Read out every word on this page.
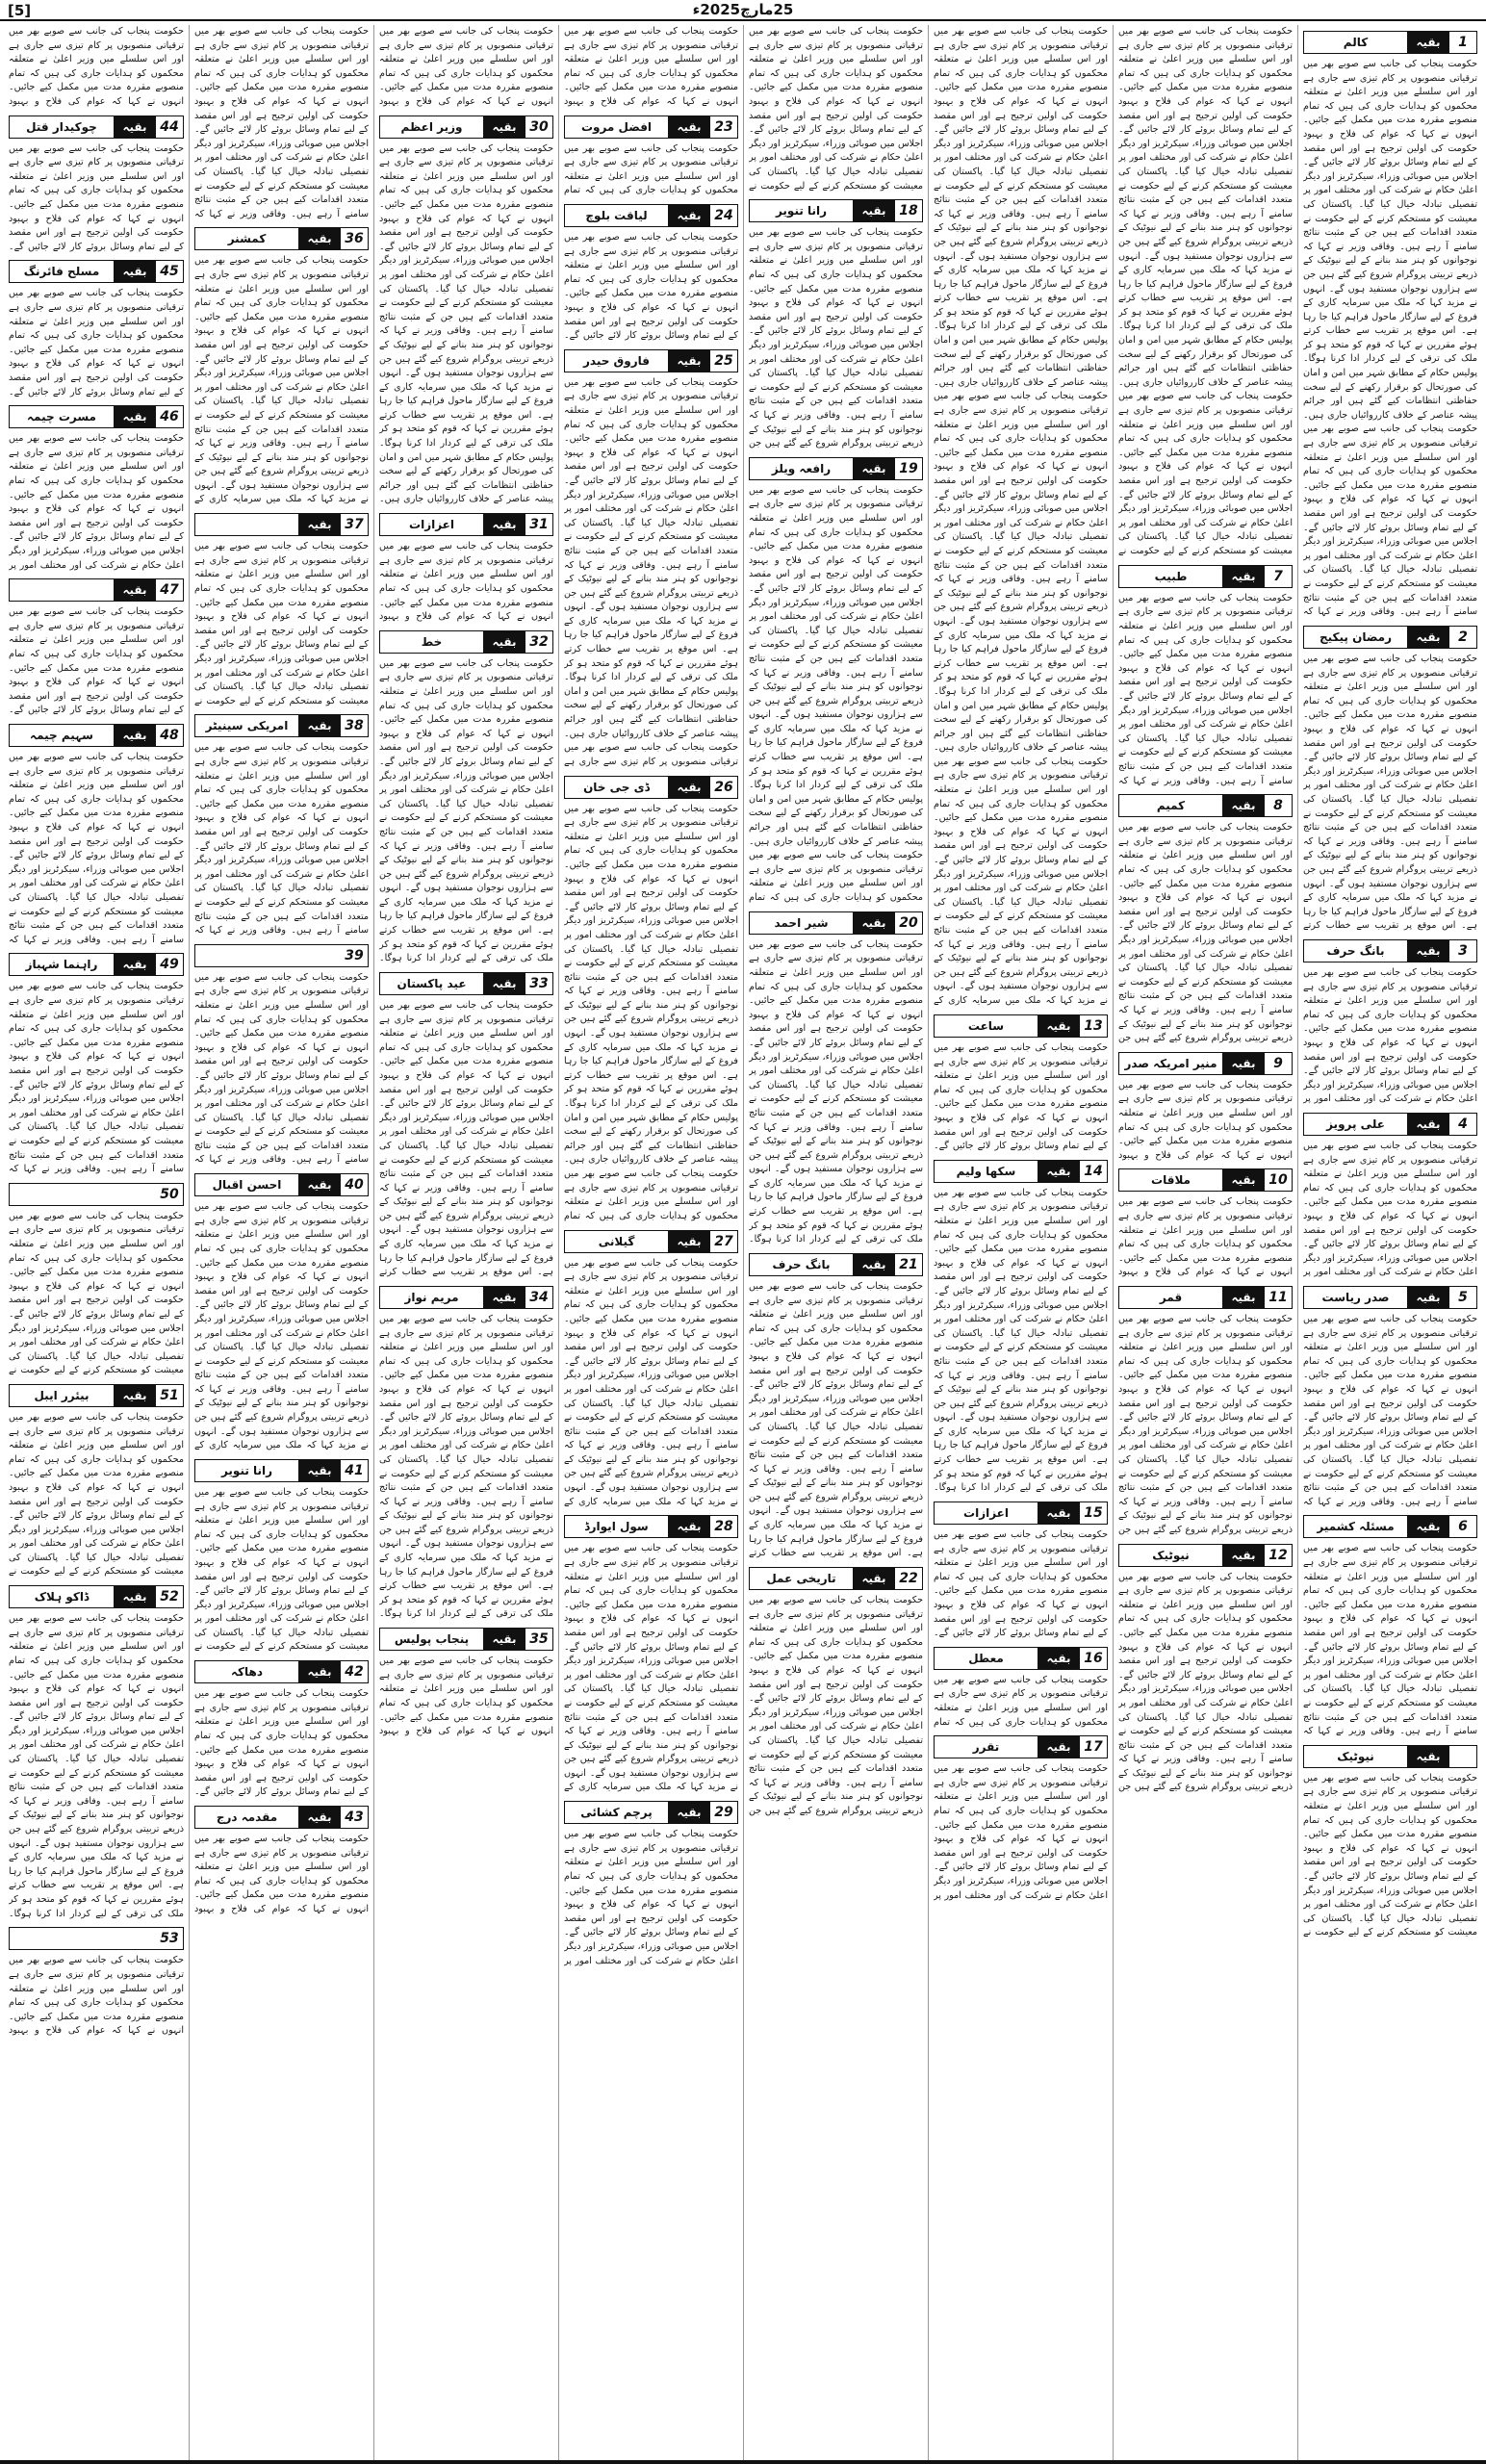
[5]	25مارچ2025ء
1
بقیہ
کالم
حکومت پنجاب کی جانب سے صوبے بھر میں ترقیاتی منصوبوں پر کام تیزی سے جاری ہے اور اس سلسلے میں وزیر اعلیٰ نے متعلقہ محکموں کو ہدایات جاری کی ہیں کہ تمام منصوبے مقررہ مدت میں مکمل کیے جائیں۔ انہوں نے کہا کہ عوام کی فلاح و بہبود حکومت کی اولین ترجیح ہے اور اس مقصد کے لیے تمام وسائل بروئے کار لائے جائیں گے۔ اجلاس میں صوبائی وزراء، سیکرٹریز اور دیگر اعلیٰ حکام نے شرکت کی اور مختلف امور پر تفصیلی تبادلہ خیال کیا گیا۔ پاکستان کی معیشت کو مستحکم کرنے کے لیے حکومت نے متعدد اقدامات کیے ہیں جن کے مثبت نتائج سامنے آ رہے ہیں۔ وفاقی وزیر نے کہا کہ نوجوانوں کو ہنر مند بنانے کے لیے نیوٹیک کے ذریعے تربیتی پروگرام شروع کیے گئے ہیں جن سے ہزاروں نوجوان مستفید ہوں گے۔ انہوں نے مزید کہا کہ ملک میں سرمایہ کاری کے فروغ کے لیے سازگار ماحول فراہم کیا جا رہا ہے۔ اس موقع پر تقریب سے خطاب کرتے ہوئے مقررین نے کہا کہ قوم کو متحد ہو کر ملک کی ترقی کے لیے کردار ادا کرنا ہوگا۔ پولیس حکام کے مطابق شہر میں امن و امان کی صورتحال کو برقرار رکھنے کے لیے سخت حفاظتی انتظامات کیے گئے ہیں اور جرائم پیشہ عناصر کے خلاف کارروائیاں جاری ہیں۔ حکومت پنجاب کی جانب سے صوبے بھر میں ترقیاتی منصوبوں پر کام تیزی سے جاری ہے اور اس سلسلے میں وزیر اعلیٰ نے متعلقہ محکموں کو ہدایات جاری کی ہیں کہ تمام منصوبے مقررہ مدت میں مکمل کیے جائیں۔ انہوں نے کہا کہ عوام کی فلاح و بہبود حکومت کی اولین ترجیح ہے اور اس مقصد کے لیے تمام وسائل بروئے کار لائے جائیں گے۔ اجلاس میں صوبائی وزراء، سیکرٹریز اور دیگر اعلیٰ حکام نے شرکت کی اور مختلف امور پر تفصیلی تبادلہ خیال کیا گیا۔ پاکستان کی معیشت کو مستحکم کرنے کے لیے حکومت نے متعدد اقدامات کیے ہیں جن کے مثبت نتائج سامنے آ رہے ہیں۔ وفاقی وزیر نے کہا کہ
2
بقیہ
رمضان پیکیج
حکومت پنجاب کی جانب سے صوبے بھر میں ترقیاتی منصوبوں پر کام تیزی سے جاری ہے اور اس سلسلے میں وزیر اعلیٰ نے متعلقہ محکموں کو ہدایات جاری کی ہیں کہ تمام منصوبے مقررہ مدت میں مکمل کیے جائیں۔ انہوں نے کہا کہ عوام کی فلاح و بہبود حکومت کی اولین ترجیح ہے اور اس مقصد کے لیے تمام وسائل بروئے کار لائے جائیں گے۔ اجلاس میں صوبائی وزراء، سیکرٹریز اور دیگر اعلیٰ حکام نے شرکت کی اور مختلف امور پر تفصیلی تبادلہ خیال کیا گیا۔ پاکستان کی معیشت کو مستحکم کرنے کے لیے حکومت نے متعدد اقدامات کیے ہیں جن کے مثبت نتائج سامنے آ رہے ہیں۔ وفاقی وزیر نے کہا کہ نوجوانوں کو ہنر مند بنانے کے لیے نیوٹیک کے ذریعے تربیتی پروگرام شروع کیے گئے ہیں جن سے ہزاروں نوجوان مستفید ہوں گے۔ انہوں نے مزید کہا کہ ملک میں سرمایہ کاری کے فروغ کے لیے سازگار ماحول فراہم کیا جا رہا ہے۔ اس موقع پر تقریب سے خطاب کرتے
3
بقیہ
بانگ حرف
حکومت پنجاب کی جانب سے صوبے بھر میں ترقیاتی منصوبوں پر کام تیزی سے جاری ہے اور اس سلسلے میں وزیر اعلیٰ نے متعلقہ محکموں کو ہدایات جاری کی ہیں کہ تمام منصوبے مقررہ مدت میں مکمل کیے جائیں۔ انہوں نے کہا کہ عوام کی فلاح و بہبود حکومت کی اولین ترجیح ہے اور اس مقصد کے لیے تمام وسائل بروئے کار لائے جائیں گے۔ اجلاس میں صوبائی وزراء، سیکرٹریز اور دیگر اعلیٰ حکام نے شرکت کی اور مختلف امور پر
4
بقیہ
علی پرویز
حکومت پنجاب کی جانب سے صوبے بھر میں ترقیاتی منصوبوں پر کام تیزی سے جاری ہے اور اس سلسلے میں وزیر اعلیٰ نے متعلقہ محکموں کو ہدایات جاری کی ہیں کہ تمام منصوبے مقررہ مدت میں مکمل کیے جائیں۔ انہوں نے کہا کہ عوام کی فلاح و بہبود حکومت کی اولین ترجیح ہے اور اس مقصد کے لیے تمام وسائل بروئے کار لائے جائیں گے۔ اجلاس میں صوبائی وزراء، سیکرٹریز اور دیگر اعلیٰ حکام نے شرکت کی اور مختلف امور پر
5
بقیہ
صدر ریاست
حکومت پنجاب کی جانب سے صوبے بھر میں ترقیاتی منصوبوں پر کام تیزی سے جاری ہے اور اس سلسلے میں وزیر اعلیٰ نے متعلقہ محکموں کو ہدایات جاری کی ہیں کہ تمام منصوبے مقررہ مدت میں مکمل کیے جائیں۔ انہوں نے کہا کہ عوام کی فلاح و بہبود حکومت کی اولین ترجیح ہے اور اس مقصد کے لیے تمام وسائل بروئے کار لائے جائیں گے۔ اجلاس میں صوبائی وزراء، سیکرٹریز اور دیگر اعلیٰ حکام نے شرکت کی اور مختلف امور پر تفصیلی تبادلہ خیال کیا گیا۔ پاکستان کی معیشت کو مستحکم کرنے کے لیے حکومت نے متعدد اقدامات کیے ہیں جن کے مثبت نتائج سامنے آ رہے ہیں۔ وفاقی وزیر نے کہا کہ
6
بقیہ
مسئلہ کشمیر
حکومت پنجاب کی جانب سے صوبے بھر میں ترقیاتی منصوبوں پر کام تیزی سے جاری ہے اور اس سلسلے میں وزیر اعلیٰ نے متعلقہ محکموں کو ہدایات جاری کی ہیں کہ تمام منصوبے مقررہ مدت میں مکمل کیے جائیں۔ انہوں نے کہا کہ عوام کی فلاح و بہبود حکومت کی اولین ترجیح ہے اور اس مقصد کے لیے تمام وسائل بروئے کار لائے جائیں گے۔ اجلاس میں صوبائی وزراء، سیکرٹریز اور دیگر اعلیٰ حکام نے شرکت کی اور مختلف امور پر تفصیلی تبادلہ خیال کیا گیا۔ پاکستان کی معیشت کو مستحکم کرنے کے لیے حکومت نے متعدد اقدامات کیے ہیں جن کے مثبت نتائج سامنے آ رہے ہیں۔ وفاقی وزیر نے کہا کہ
بقیہ
نیوٹیک
حکومت پنجاب کی جانب سے صوبے بھر میں ترقیاتی منصوبوں پر کام تیزی سے جاری ہے اور اس سلسلے میں وزیر اعلیٰ نے متعلقہ محکموں کو ہدایات جاری کی ہیں کہ تمام منصوبے مقررہ مدت میں مکمل کیے جائیں۔ انہوں نے کہا کہ عوام کی فلاح و بہبود حکومت کی اولین ترجیح ہے اور اس مقصد کے لیے تمام وسائل بروئے کار لائے جائیں گے۔ اجلاس میں صوبائی وزراء، سیکرٹریز اور دیگر اعلیٰ حکام نے شرکت کی اور مختلف امور پر تفصیلی تبادلہ خیال کیا گیا۔ پاکستان کی معیشت کو مستحکم کرنے کے لیے حکومت نے
حکومت پنجاب کی جانب سے صوبے بھر میں ترقیاتی منصوبوں پر کام تیزی سے جاری ہے اور اس سلسلے میں وزیر اعلیٰ نے متعلقہ محکموں کو ہدایات جاری کی ہیں کہ تمام منصوبے مقررہ مدت میں مکمل کیے جائیں۔ انہوں نے کہا کہ عوام کی فلاح و بہبود حکومت کی اولین ترجیح ہے اور اس مقصد کے لیے تمام وسائل بروئے کار لائے جائیں گے۔ اجلاس میں صوبائی وزراء، سیکرٹریز اور دیگر اعلیٰ حکام نے شرکت کی اور مختلف امور پر تفصیلی تبادلہ خیال کیا گیا۔ پاکستان کی معیشت کو مستحکم کرنے کے لیے حکومت نے متعدد اقدامات کیے ہیں جن کے مثبت نتائج سامنے آ رہے ہیں۔ وفاقی وزیر نے کہا کہ نوجوانوں کو ہنر مند بنانے کے لیے نیوٹیک کے ذریعے تربیتی پروگرام شروع کیے گئے ہیں جن سے ہزاروں نوجوان مستفید ہوں گے۔ انہوں نے مزید کہا کہ ملک میں سرمایہ کاری کے فروغ کے لیے سازگار ماحول فراہم کیا جا رہا ہے۔ اس موقع پر تقریب سے خطاب کرتے ہوئے مقررین نے کہا کہ قوم کو متحد ہو کر ملک کی ترقی کے لیے کردار ادا کرنا ہوگا۔ پولیس حکام کے مطابق شہر میں امن و امان کی صورتحال کو برقرار رکھنے کے لیے سخت حفاظتی انتظامات کیے گئے ہیں اور جرائم پیشہ عناصر کے خلاف کارروائیاں جاری ہیں۔ حکومت پنجاب کی جانب سے صوبے بھر میں ترقیاتی منصوبوں پر کام تیزی سے جاری ہے اور اس سلسلے میں وزیر اعلیٰ نے متعلقہ محکموں کو ہدایات جاری کی ہیں کہ تمام منصوبے مقررہ مدت میں مکمل کیے جائیں۔ انہوں نے کہا کہ عوام کی فلاح و بہبود حکومت کی اولین ترجیح ہے اور اس مقصد کے لیے تمام وسائل بروئے کار لائے جائیں گے۔ اجلاس میں صوبائی وزراء، سیکرٹریز اور دیگر اعلیٰ حکام نے شرکت کی اور مختلف امور پر تفصیلی تبادلہ خیال کیا گیا۔ پاکستان کی معیشت کو مستحکم کرنے کے لیے حکومت نے
7
بقیہ
طبیب
حکومت پنجاب کی جانب سے صوبے بھر میں ترقیاتی منصوبوں پر کام تیزی سے جاری ہے اور اس سلسلے میں وزیر اعلیٰ نے متعلقہ محکموں کو ہدایات جاری کی ہیں کہ تمام منصوبے مقررہ مدت میں مکمل کیے جائیں۔ انہوں نے کہا کہ عوام کی فلاح و بہبود حکومت کی اولین ترجیح ہے اور اس مقصد کے لیے تمام وسائل بروئے کار لائے جائیں گے۔ اجلاس میں صوبائی وزراء، سیکرٹریز اور دیگر اعلیٰ حکام نے شرکت کی اور مختلف امور پر تفصیلی تبادلہ خیال کیا گیا۔ پاکستان کی معیشت کو مستحکم کرنے کے لیے حکومت نے متعدد اقدامات کیے ہیں جن کے مثبت نتائج سامنے آ رہے ہیں۔ وفاقی وزیر نے کہا کہ
8
بقیہ
کمیم
حکومت پنجاب کی جانب سے صوبے بھر میں ترقیاتی منصوبوں پر کام تیزی سے جاری ہے اور اس سلسلے میں وزیر اعلیٰ نے متعلقہ محکموں کو ہدایات جاری کی ہیں کہ تمام منصوبے مقررہ مدت میں مکمل کیے جائیں۔ انہوں نے کہا کہ عوام کی فلاح و بہبود حکومت کی اولین ترجیح ہے اور اس مقصد کے لیے تمام وسائل بروئے کار لائے جائیں گے۔ اجلاس میں صوبائی وزراء، سیکرٹریز اور دیگر اعلیٰ حکام نے شرکت کی اور مختلف امور پر تفصیلی تبادلہ خیال کیا گیا۔ پاکستان کی معیشت کو مستحکم کرنے کے لیے حکومت نے متعدد اقدامات کیے ہیں جن کے مثبت نتائج سامنے آ رہے ہیں۔ وفاقی وزیر نے کہا کہ نوجوانوں کو ہنر مند بنانے کے لیے نیوٹیک کے ذریعے تربیتی پروگرام شروع کیے گئے ہیں جن
9
بقیہ
منیر امریکہ صدر
حکومت پنجاب کی جانب سے صوبے بھر میں ترقیاتی منصوبوں پر کام تیزی سے جاری ہے اور اس سلسلے میں وزیر اعلیٰ نے متعلقہ محکموں کو ہدایات جاری کی ہیں کہ تمام منصوبے مقررہ مدت میں مکمل کیے جائیں۔ انہوں نے کہا کہ عوام کی فلاح و بہبود
10
بقیہ
ملاقات
حکومت پنجاب کی جانب سے صوبے بھر میں ترقیاتی منصوبوں پر کام تیزی سے جاری ہے اور اس سلسلے میں وزیر اعلیٰ نے متعلقہ محکموں کو ہدایات جاری کی ہیں کہ تمام منصوبے مقررہ مدت میں مکمل کیے جائیں۔ انہوں نے کہا کہ عوام کی فلاح و بہبود
11
بقیہ
قمر
حکومت پنجاب کی جانب سے صوبے بھر میں ترقیاتی منصوبوں پر کام تیزی سے جاری ہے اور اس سلسلے میں وزیر اعلیٰ نے متعلقہ محکموں کو ہدایات جاری کی ہیں کہ تمام منصوبے مقررہ مدت میں مکمل کیے جائیں۔ انہوں نے کہا کہ عوام کی فلاح و بہبود حکومت کی اولین ترجیح ہے اور اس مقصد کے لیے تمام وسائل بروئے کار لائے جائیں گے۔ اجلاس میں صوبائی وزراء، سیکرٹریز اور دیگر اعلیٰ حکام نے شرکت کی اور مختلف امور پر تفصیلی تبادلہ خیال کیا گیا۔ پاکستان کی معیشت کو مستحکم کرنے کے لیے حکومت نے متعدد اقدامات کیے ہیں جن کے مثبت نتائج سامنے آ رہے ہیں۔ وفاقی وزیر نے کہا کہ نوجوانوں کو ہنر مند بنانے کے لیے نیوٹیک کے ذریعے تربیتی پروگرام شروع کیے گئے ہیں جن
12
بقیہ
نیوٹیک
حکومت پنجاب کی جانب سے صوبے بھر میں ترقیاتی منصوبوں پر کام تیزی سے جاری ہے اور اس سلسلے میں وزیر اعلیٰ نے متعلقہ محکموں کو ہدایات جاری کی ہیں کہ تمام منصوبے مقررہ مدت میں مکمل کیے جائیں۔ انہوں نے کہا کہ عوام کی فلاح و بہبود حکومت کی اولین ترجیح ہے اور اس مقصد کے لیے تمام وسائل بروئے کار لائے جائیں گے۔ اجلاس میں صوبائی وزراء، سیکرٹریز اور دیگر اعلیٰ حکام نے شرکت کی اور مختلف امور پر تفصیلی تبادلہ خیال کیا گیا۔ پاکستان کی معیشت کو مستحکم کرنے کے لیے حکومت نے متعدد اقدامات کیے ہیں جن کے مثبت نتائج سامنے آ رہے ہیں۔ وفاقی وزیر نے کہا کہ نوجوانوں کو ہنر مند بنانے کے لیے نیوٹیک کے ذریعے تربیتی پروگرام شروع کیے گئے ہیں جن
حکومت پنجاب کی جانب سے صوبے بھر میں ترقیاتی منصوبوں پر کام تیزی سے جاری ہے اور اس سلسلے میں وزیر اعلیٰ نے متعلقہ محکموں کو ہدایات جاری کی ہیں کہ تمام منصوبے مقررہ مدت میں مکمل کیے جائیں۔ انہوں نے کہا کہ عوام کی فلاح و بہبود حکومت کی اولین ترجیح ہے اور اس مقصد کے لیے تمام وسائل بروئے کار لائے جائیں گے۔ اجلاس میں صوبائی وزراء، سیکرٹریز اور دیگر اعلیٰ حکام نے شرکت کی اور مختلف امور پر تفصیلی تبادلہ خیال کیا گیا۔ پاکستان کی معیشت کو مستحکم کرنے کے لیے حکومت نے متعدد اقدامات کیے ہیں جن کے مثبت نتائج سامنے آ رہے ہیں۔ وفاقی وزیر نے کہا کہ نوجوانوں کو ہنر مند بنانے کے لیے نیوٹیک کے ذریعے تربیتی پروگرام شروع کیے گئے ہیں جن سے ہزاروں نوجوان مستفید ہوں گے۔ انہوں نے مزید کہا کہ ملک میں سرمایہ کاری کے فروغ کے لیے سازگار ماحول فراہم کیا جا رہا ہے۔ اس موقع پر تقریب سے خطاب کرتے ہوئے مقررین نے کہا کہ قوم کو متحد ہو کر ملک کی ترقی کے لیے کردار ادا کرنا ہوگا۔ پولیس حکام کے مطابق شہر میں امن و امان کی صورتحال کو برقرار رکھنے کے لیے سخت حفاظتی انتظامات کیے گئے ہیں اور جرائم پیشہ عناصر کے خلاف کارروائیاں جاری ہیں۔ حکومت پنجاب کی جانب سے صوبے بھر میں ترقیاتی منصوبوں پر کام تیزی سے جاری ہے اور اس سلسلے میں وزیر اعلیٰ نے متعلقہ محکموں کو ہدایات جاری کی ہیں کہ تمام منصوبے مقررہ مدت میں مکمل کیے جائیں۔ انہوں نے کہا کہ عوام کی فلاح و بہبود حکومت کی اولین ترجیح ہے اور اس مقصد کے لیے تمام وسائل بروئے کار لائے جائیں گے۔ اجلاس میں صوبائی وزراء، سیکرٹریز اور دیگر اعلیٰ حکام نے شرکت کی اور مختلف امور پر تفصیلی تبادلہ خیال کیا گیا۔ پاکستان کی معیشت کو مستحکم کرنے کے لیے حکومت نے متعدد اقدامات کیے ہیں جن کے مثبت نتائج سامنے آ رہے ہیں۔ وفاقی وزیر نے کہا کہ نوجوانوں کو ہنر مند بنانے کے لیے نیوٹیک کے ذریعے تربیتی پروگرام شروع کیے گئے ہیں جن سے ہزاروں نوجوان مستفید ہوں گے۔ انہوں نے مزید کہا کہ ملک میں سرمایہ کاری کے فروغ کے لیے سازگار ماحول فراہم کیا جا رہا ہے۔ اس موقع پر تقریب سے خطاب کرتے ہوئے مقررین نے کہا کہ قوم کو متحد ہو کر ملک کی ترقی کے لیے کردار ادا کرنا ہوگا۔ پولیس حکام کے مطابق شہر میں امن و امان کی صورتحال کو برقرار رکھنے کے لیے سخت حفاظتی انتظامات کیے گئے ہیں اور جرائم پیشہ عناصر کے خلاف کارروائیاں جاری ہیں۔ حکومت پنجاب کی جانب سے صوبے بھر میں ترقیاتی منصوبوں پر کام تیزی سے جاری ہے اور اس سلسلے میں وزیر اعلیٰ نے متعلقہ محکموں کو ہدایات جاری کی ہیں کہ تمام منصوبے مقررہ مدت میں مکمل کیے جائیں۔ انہوں نے کہا کہ عوام کی فلاح و بہبود حکومت کی اولین ترجیح ہے اور اس مقصد کے لیے تمام وسائل بروئے کار لائے جائیں گے۔ اجلاس میں صوبائی وزراء، سیکرٹریز اور دیگر اعلیٰ حکام نے شرکت کی اور مختلف امور پر تفصیلی تبادلہ خیال کیا گیا۔ پاکستان کی معیشت کو مستحکم کرنے کے لیے حکومت نے متعدد اقدامات کیے ہیں جن کے مثبت نتائج سامنے آ رہے ہیں۔ وفاقی وزیر نے کہا کہ نوجوانوں کو ہنر مند بنانے کے لیے نیوٹیک کے ذریعے تربیتی پروگرام شروع کیے گئے ہیں جن سے ہزاروں نوجوان مستفید ہوں گے۔ انہوں نے مزید کہا کہ ملک میں سرمایہ کاری کے
13
بقیہ
ساعت
حکومت پنجاب کی جانب سے صوبے بھر میں ترقیاتی منصوبوں پر کام تیزی سے جاری ہے اور اس سلسلے میں وزیر اعلیٰ نے متعلقہ محکموں کو ہدایات جاری کی ہیں کہ تمام منصوبے مقررہ مدت میں مکمل کیے جائیں۔ انہوں نے کہا کہ عوام کی فلاح و بہبود حکومت کی اولین ترجیح ہے اور اس مقصد کے لیے تمام وسائل بروئے کار لائے جائیں گے۔
14
بقیہ
سکھا ولیم
حکومت پنجاب کی جانب سے صوبے بھر میں ترقیاتی منصوبوں پر کام تیزی سے جاری ہے اور اس سلسلے میں وزیر اعلیٰ نے متعلقہ محکموں کو ہدایات جاری کی ہیں کہ تمام منصوبے مقررہ مدت میں مکمل کیے جائیں۔ انہوں نے کہا کہ عوام کی فلاح و بہبود حکومت کی اولین ترجیح ہے اور اس مقصد کے لیے تمام وسائل بروئے کار لائے جائیں گے۔ اجلاس میں صوبائی وزراء، سیکرٹریز اور دیگر اعلیٰ حکام نے شرکت کی اور مختلف امور پر تفصیلی تبادلہ خیال کیا گیا۔ پاکستان کی معیشت کو مستحکم کرنے کے لیے حکومت نے متعدد اقدامات کیے ہیں جن کے مثبت نتائج سامنے آ رہے ہیں۔ وفاقی وزیر نے کہا کہ نوجوانوں کو ہنر مند بنانے کے لیے نیوٹیک کے ذریعے تربیتی پروگرام شروع کیے گئے ہیں جن سے ہزاروں نوجوان مستفید ہوں گے۔ انہوں نے مزید کہا کہ ملک میں سرمایہ کاری کے فروغ کے لیے سازگار ماحول فراہم کیا جا رہا ہے۔ اس موقع پر تقریب سے خطاب کرتے ہوئے مقررین نے کہا کہ قوم کو متحد ہو کر ملک کی ترقی کے لیے کردار ادا کرنا ہوگا۔
15
بقیہ
اعزازات
حکومت پنجاب کی جانب سے صوبے بھر میں ترقیاتی منصوبوں پر کام تیزی سے جاری ہے اور اس سلسلے میں وزیر اعلیٰ نے متعلقہ محکموں کو ہدایات جاری کی ہیں کہ تمام منصوبے مقررہ مدت میں مکمل کیے جائیں۔ انہوں نے کہا کہ عوام کی فلاح و بہبود حکومت کی اولین ترجیح ہے اور اس مقصد کے لیے تمام وسائل بروئے کار لائے جائیں گے۔
16
بقیہ
معطل
حکومت پنجاب کی جانب سے صوبے بھر میں ترقیاتی منصوبوں پر کام تیزی سے جاری ہے اور اس سلسلے میں وزیر اعلیٰ نے متعلقہ محکموں کو ہدایات جاری کی ہیں کہ تمام
17
بقیہ
تقرر
حکومت پنجاب کی جانب سے صوبے بھر میں ترقیاتی منصوبوں پر کام تیزی سے جاری ہے اور اس سلسلے میں وزیر اعلیٰ نے متعلقہ محکموں کو ہدایات جاری کی ہیں کہ تمام منصوبے مقررہ مدت میں مکمل کیے جائیں۔ انہوں نے کہا کہ عوام کی فلاح و بہبود حکومت کی اولین ترجیح ہے اور اس مقصد کے لیے تمام وسائل بروئے کار لائے جائیں گے۔ اجلاس میں صوبائی وزراء، سیکرٹریز اور دیگر اعلیٰ حکام نے شرکت کی اور مختلف امور پر
حکومت پنجاب کی جانب سے صوبے بھر میں ترقیاتی منصوبوں پر کام تیزی سے جاری ہے اور اس سلسلے میں وزیر اعلیٰ نے متعلقہ محکموں کو ہدایات جاری کی ہیں کہ تمام منصوبے مقررہ مدت میں مکمل کیے جائیں۔ انہوں نے کہا کہ عوام کی فلاح و بہبود حکومت کی اولین ترجیح ہے اور اس مقصد کے لیے تمام وسائل بروئے کار لائے جائیں گے۔ اجلاس میں صوبائی وزراء، سیکرٹریز اور دیگر اعلیٰ حکام نے شرکت کی اور مختلف امور پر تفصیلی تبادلہ خیال کیا گیا۔ پاکستان کی معیشت کو مستحکم کرنے کے لیے حکومت نے
18
بقیہ
رانا تنویر
حکومت پنجاب کی جانب سے صوبے بھر میں ترقیاتی منصوبوں پر کام تیزی سے جاری ہے اور اس سلسلے میں وزیر اعلیٰ نے متعلقہ محکموں کو ہدایات جاری کی ہیں کہ تمام منصوبے مقررہ مدت میں مکمل کیے جائیں۔ انہوں نے کہا کہ عوام کی فلاح و بہبود حکومت کی اولین ترجیح ہے اور اس مقصد کے لیے تمام وسائل بروئے کار لائے جائیں گے۔ اجلاس میں صوبائی وزراء، سیکرٹریز اور دیگر اعلیٰ حکام نے شرکت کی اور مختلف امور پر تفصیلی تبادلہ خیال کیا گیا۔ پاکستان کی معیشت کو مستحکم کرنے کے لیے حکومت نے متعدد اقدامات کیے ہیں جن کے مثبت نتائج سامنے آ رہے ہیں۔ وفاقی وزیر نے کہا کہ نوجوانوں کو ہنر مند بنانے کے لیے نیوٹیک کے ذریعے تربیتی پروگرام شروع کیے گئے ہیں جن
19
بقیہ
رافعہ ویلز
حکومت پنجاب کی جانب سے صوبے بھر میں ترقیاتی منصوبوں پر کام تیزی سے جاری ہے اور اس سلسلے میں وزیر اعلیٰ نے متعلقہ محکموں کو ہدایات جاری کی ہیں کہ تمام منصوبے مقررہ مدت میں مکمل کیے جائیں۔ انہوں نے کہا کہ عوام کی فلاح و بہبود حکومت کی اولین ترجیح ہے اور اس مقصد کے لیے تمام وسائل بروئے کار لائے جائیں گے۔ اجلاس میں صوبائی وزراء، سیکرٹریز اور دیگر اعلیٰ حکام نے شرکت کی اور مختلف امور پر تفصیلی تبادلہ خیال کیا گیا۔ پاکستان کی معیشت کو مستحکم کرنے کے لیے حکومت نے متعدد اقدامات کیے ہیں جن کے مثبت نتائج سامنے آ رہے ہیں۔ وفاقی وزیر نے کہا کہ نوجوانوں کو ہنر مند بنانے کے لیے نیوٹیک کے ذریعے تربیتی پروگرام شروع کیے گئے ہیں جن سے ہزاروں نوجوان مستفید ہوں گے۔ انہوں نے مزید کہا کہ ملک میں سرمایہ کاری کے فروغ کے لیے سازگار ماحول فراہم کیا جا رہا ہے۔ اس موقع پر تقریب سے خطاب کرتے ہوئے مقررین نے کہا کہ قوم کو متحد ہو کر ملک کی ترقی کے لیے کردار ادا کرنا ہوگا۔ پولیس حکام کے مطابق شہر میں امن و امان کی صورتحال کو برقرار رکھنے کے لیے سخت حفاظتی انتظامات کیے گئے ہیں اور جرائم پیشہ عناصر کے خلاف کارروائیاں جاری ہیں۔ حکومت پنجاب کی جانب سے صوبے بھر میں ترقیاتی منصوبوں پر کام تیزی سے جاری ہے اور اس سلسلے میں وزیر اعلیٰ نے متعلقہ محکموں کو ہدایات جاری کی ہیں کہ تمام
20
بقیہ
شیر احمد
حکومت پنجاب کی جانب سے صوبے بھر میں ترقیاتی منصوبوں پر کام تیزی سے جاری ہے اور اس سلسلے میں وزیر اعلیٰ نے متعلقہ محکموں کو ہدایات جاری کی ہیں کہ تمام منصوبے مقررہ مدت میں مکمل کیے جائیں۔ انہوں نے کہا کہ عوام کی فلاح و بہبود حکومت کی اولین ترجیح ہے اور اس مقصد کے لیے تمام وسائل بروئے کار لائے جائیں گے۔ اجلاس میں صوبائی وزراء، سیکرٹریز اور دیگر اعلیٰ حکام نے شرکت کی اور مختلف امور پر تفصیلی تبادلہ خیال کیا گیا۔ پاکستان کی معیشت کو مستحکم کرنے کے لیے حکومت نے متعدد اقدامات کیے ہیں جن کے مثبت نتائج سامنے آ رہے ہیں۔ وفاقی وزیر نے کہا کہ نوجوانوں کو ہنر مند بنانے کے لیے نیوٹیک کے ذریعے تربیتی پروگرام شروع کیے گئے ہیں جن سے ہزاروں نوجوان مستفید ہوں گے۔ انہوں نے مزید کہا کہ ملک میں سرمایہ کاری کے فروغ کے لیے سازگار ماحول فراہم کیا جا رہا ہے۔ اس موقع پر تقریب سے خطاب کرتے ہوئے مقررین نے کہا کہ قوم کو متحد ہو کر ملک کی ترقی کے لیے کردار ادا کرنا ہوگا۔
21
بقیہ
بانگ حرف
حکومت پنجاب کی جانب سے صوبے بھر میں ترقیاتی منصوبوں پر کام تیزی سے جاری ہے اور اس سلسلے میں وزیر اعلیٰ نے متعلقہ محکموں کو ہدایات جاری کی ہیں کہ تمام منصوبے مقررہ مدت میں مکمل کیے جائیں۔ انہوں نے کہا کہ عوام کی فلاح و بہبود حکومت کی اولین ترجیح ہے اور اس مقصد کے لیے تمام وسائل بروئے کار لائے جائیں گے۔ اجلاس میں صوبائی وزراء، سیکرٹریز اور دیگر اعلیٰ حکام نے شرکت کی اور مختلف امور پر تفصیلی تبادلہ خیال کیا گیا۔ پاکستان کی معیشت کو مستحکم کرنے کے لیے حکومت نے متعدد اقدامات کیے ہیں جن کے مثبت نتائج سامنے آ رہے ہیں۔ وفاقی وزیر نے کہا کہ نوجوانوں کو ہنر مند بنانے کے لیے نیوٹیک کے ذریعے تربیتی پروگرام شروع کیے گئے ہیں جن سے ہزاروں نوجوان مستفید ہوں گے۔ انہوں نے مزید کہا کہ ملک میں سرمایہ کاری کے فروغ کے لیے سازگار ماحول فراہم کیا جا رہا ہے۔ اس موقع پر تقریب سے خطاب کرتے
22
بقیہ
تاریخی عمل
حکومت پنجاب کی جانب سے صوبے بھر میں ترقیاتی منصوبوں پر کام تیزی سے جاری ہے اور اس سلسلے میں وزیر اعلیٰ نے متعلقہ محکموں کو ہدایات جاری کی ہیں کہ تمام منصوبے مقررہ مدت میں مکمل کیے جائیں۔ انہوں نے کہا کہ عوام کی فلاح و بہبود حکومت کی اولین ترجیح ہے اور اس مقصد کے لیے تمام وسائل بروئے کار لائے جائیں گے۔ اجلاس میں صوبائی وزراء، سیکرٹریز اور دیگر اعلیٰ حکام نے شرکت کی اور مختلف امور پر تفصیلی تبادلہ خیال کیا گیا۔ پاکستان کی معیشت کو مستحکم کرنے کے لیے حکومت نے متعدد اقدامات کیے ہیں جن کے مثبت نتائج سامنے آ رہے ہیں۔ وفاقی وزیر نے کہا کہ نوجوانوں کو ہنر مند بنانے کے لیے نیوٹیک کے ذریعے تربیتی پروگرام شروع کیے گئے ہیں جن
حکومت پنجاب کی جانب سے صوبے بھر میں ترقیاتی منصوبوں پر کام تیزی سے جاری ہے اور اس سلسلے میں وزیر اعلیٰ نے متعلقہ محکموں کو ہدایات جاری کی ہیں کہ تمام منصوبے مقررہ مدت میں مکمل کیے جائیں۔ انہوں نے کہا کہ عوام کی فلاح و بہبود
23
بقیہ
افضل مروت
حکومت پنجاب کی جانب سے صوبے بھر میں ترقیاتی منصوبوں پر کام تیزی سے جاری ہے اور اس سلسلے میں وزیر اعلیٰ نے متعلقہ محکموں کو ہدایات جاری کی ہیں کہ تمام
24
بقیہ
لیاقت بلوچ
حکومت پنجاب کی جانب سے صوبے بھر میں ترقیاتی منصوبوں پر کام تیزی سے جاری ہے اور اس سلسلے میں وزیر اعلیٰ نے متعلقہ محکموں کو ہدایات جاری کی ہیں کہ تمام منصوبے مقررہ مدت میں مکمل کیے جائیں۔ انہوں نے کہا کہ عوام کی فلاح و بہبود حکومت کی اولین ترجیح ہے اور اس مقصد کے لیے تمام وسائل بروئے کار لائے جائیں گے۔
25
بقیہ
فاروق حیدر
حکومت پنجاب کی جانب سے صوبے بھر میں ترقیاتی منصوبوں پر کام تیزی سے جاری ہے اور اس سلسلے میں وزیر اعلیٰ نے متعلقہ محکموں کو ہدایات جاری کی ہیں کہ تمام منصوبے مقررہ مدت میں مکمل کیے جائیں۔ انہوں نے کہا کہ عوام کی فلاح و بہبود حکومت کی اولین ترجیح ہے اور اس مقصد کے لیے تمام وسائل بروئے کار لائے جائیں گے۔ اجلاس میں صوبائی وزراء، سیکرٹریز اور دیگر اعلیٰ حکام نے شرکت کی اور مختلف امور پر تفصیلی تبادلہ خیال کیا گیا۔ پاکستان کی معیشت کو مستحکم کرنے کے لیے حکومت نے متعدد اقدامات کیے ہیں جن کے مثبت نتائج سامنے آ رہے ہیں۔ وفاقی وزیر نے کہا کہ نوجوانوں کو ہنر مند بنانے کے لیے نیوٹیک کے ذریعے تربیتی پروگرام شروع کیے گئے ہیں جن سے ہزاروں نوجوان مستفید ہوں گے۔ انہوں نے مزید کہا کہ ملک میں سرمایہ کاری کے فروغ کے لیے سازگار ماحول فراہم کیا جا رہا ہے۔ اس موقع پر تقریب سے خطاب کرتے ہوئے مقررین نے کہا کہ قوم کو متحد ہو کر ملک کی ترقی کے لیے کردار ادا کرنا ہوگا۔ پولیس حکام کے مطابق شہر میں امن و امان کی صورتحال کو برقرار رکھنے کے لیے سخت حفاظتی انتظامات کیے گئے ہیں اور جرائم پیشہ عناصر کے خلاف کارروائیاں جاری ہیں۔ حکومت پنجاب کی جانب سے صوبے بھر میں ترقیاتی منصوبوں پر کام تیزی سے جاری ہے
26
بقیہ
ڈی جی خان
حکومت پنجاب کی جانب سے صوبے بھر میں ترقیاتی منصوبوں پر کام تیزی سے جاری ہے اور اس سلسلے میں وزیر اعلیٰ نے متعلقہ محکموں کو ہدایات جاری کی ہیں کہ تمام منصوبے مقررہ مدت میں مکمل کیے جائیں۔ انہوں نے کہا کہ عوام کی فلاح و بہبود حکومت کی اولین ترجیح ہے اور اس مقصد کے لیے تمام وسائل بروئے کار لائے جائیں گے۔ اجلاس میں صوبائی وزراء، سیکرٹریز اور دیگر اعلیٰ حکام نے شرکت کی اور مختلف امور پر تفصیلی تبادلہ خیال کیا گیا۔ پاکستان کی معیشت کو مستحکم کرنے کے لیے حکومت نے متعدد اقدامات کیے ہیں جن کے مثبت نتائج سامنے آ رہے ہیں۔ وفاقی وزیر نے کہا کہ نوجوانوں کو ہنر مند بنانے کے لیے نیوٹیک کے ذریعے تربیتی پروگرام شروع کیے گئے ہیں جن سے ہزاروں نوجوان مستفید ہوں گے۔ انہوں نے مزید کہا کہ ملک میں سرمایہ کاری کے فروغ کے لیے سازگار ماحول فراہم کیا جا رہا ہے۔ اس موقع پر تقریب سے خطاب کرتے ہوئے مقررین نے کہا کہ قوم کو متحد ہو کر ملک کی ترقی کے لیے کردار ادا کرنا ہوگا۔ پولیس حکام کے مطابق شہر میں امن و امان کی صورتحال کو برقرار رکھنے کے لیے سخت حفاظتی انتظامات کیے گئے ہیں اور جرائم پیشہ عناصر کے خلاف کارروائیاں جاری ہیں۔ حکومت پنجاب کی جانب سے صوبے بھر میں ترقیاتی منصوبوں پر کام تیزی سے جاری ہے اور اس سلسلے میں وزیر اعلیٰ نے متعلقہ محکموں کو ہدایات جاری کی ہیں کہ تمام
27
بقیہ
گیلانی
حکومت پنجاب کی جانب سے صوبے بھر میں ترقیاتی منصوبوں پر کام تیزی سے جاری ہے اور اس سلسلے میں وزیر اعلیٰ نے متعلقہ محکموں کو ہدایات جاری کی ہیں کہ تمام منصوبے مقررہ مدت میں مکمل کیے جائیں۔ انہوں نے کہا کہ عوام کی فلاح و بہبود حکومت کی اولین ترجیح ہے اور اس مقصد کے لیے تمام وسائل بروئے کار لائے جائیں گے۔ اجلاس میں صوبائی وزراء، سیکرٹریز اور دیگر اعلیٰ حکام نے شرکت کی اور مختلف امور پر تفصیلی تبادلہ خیال کیا گیا۔ پاکستان کی معیشت کو مستحکم کرنے کے لیے حکومت نے متعدد اقدامات کیے ہیں جن کے مثبت نتائج سامنے آ رہے ہیں۔ وفاقی وزیر نے کہا کہ نوجوانوں کو ہنر مند بنانے کے لیے نیوٹیک کے ذریعے تربیتی پروگرام شروع کیے گئے ہیں جن سے ہزاروں نوجوان مستفید ہوں گے۔ انہوں نے مزید کہا کہ ملک میں سرمایہ کاری کے
28
بقیہ
سول ایوارڈ
حکومت پنجاب کی جانب سے صوبے بھر میں ترقیاتی منصوبوں پر کام تیزی سے جاری ہے اور اس سلسلے میں وزیر اعلیٰ نے متعلقہ محکموں کو ہدایات جاری کی ہیں کہ تمام منصوبے مقررہ مدت میں مکمل کیے جائیں۔ انہوں نے کہا کہ عوام کی فلاح و بہبود حکومت کی اولین ترجیح ہے اور اس مقصد کے لیے تمام وسائل بروئے کار لائے جائیں گے۔ اجلاس میں صوبائی وزراء، سیکرٹریز اور دیگر اعلیٰ حکام نے شرکت کی اور مختلف امور پر تفصیلی تبادلہ خیال کیا گیا۔ پاکستان کی معیشت کو مستحکم کرنے کے لیے حکومت نے متعدد اقدامات کیے ہیں جن کے مثبت نتائج سامنے آ رہے ہیں۔ وفاقی وزیر نے کہا کہ نوجوانوں کو ہنر مند بنانے کے لیے نیوٹیک کے ذریعے تربیتی پروگرام شروع کیے گئے ہیں جن سے ہزاروں نوجوان مستفید ہوں گے۔ انہوں نے مزید کہا کہ ملک میں سرمایہ کاری کے
29
بقیہ
پرچم کشائی
حکومت پنجاب کی جانب سے صوبے بھر میں ترقیاتی منصوبوں پر کام تیزی سے جاری ہے اور اس سلسلے میں وزیر اعلیٰ نے متعلقہ محکموں کو ہدایات جاری کی ہیں کہ تمام منصوبے مقررہ مدت میں مکمل کیے جائیں۔ انہوں نے کہا کہ عوام کی فلاح و بہبود حکومت کی اولین ترجیح ہے اور اس مقصد کے لیے تمام وسائل بروئے کار لائے جائیں گے۔ اجلاس میں صوبائی وزراء، سیکرٹریز اور دیگر اعلیٰ حکام نے شرکت کی اور مختلف امور پر
حکومت پنجاب کی جانب سے صوبے بھر میں ترقیاتی منصوبوں پر کام تیزی سے جاری ہے اور اس سلسلے میں وزیر اعلیٰ نے متعلقہ محکموں کو ہدایات جاری کی ہیں کہ تمام منصوبے مقررہ مدت میں مکمل کیے جائیں۔ انہوں نے کہا کہ عوام کی فلاح و بہبود
30
بقیہ
وزیر اعظم
حکومت پنجاب کی جانب سے صوبے بھر میں ترقیاتی منصوبوں پر کام تیزی سے جاری ہے اور اس سلسلے میں وزیر اعلیٰ نے متعلقہ محکموں کو ہدایات جاری کی ہیں کہ تمام منصوبے مقررہ مدت میں مکمل کیے جائیں۔ انہوں نے کہا کہ عوام کی فلاح و بہبود حکومت کی اولین ترجیح ہے اور اس مقصد کے لیے تمام وسائل بروئے کار لائے جائیں گے۔ اجلاس میں صوبائی وزراء، سیکرٹریز اور دیگر اعلیٰ حکام نے شرکت کی اور مختلف امور پر تفصیلی تبادلہ خیال کیا گیا۔ پاکستان کی معیشت کو مستحکم کرنے کے لیے حکومت نے متعدد اقدامات کیے ہیں جن کے مثبت نتائج سامنے آ رہے ہیں۔ وفاقی وزیر نے کہا کہ نوجوانوں کو ہنر مند بنانے کے لیے نیوٹیک کے ذریعے تربیتی پروگرام شروع کیے گئے ہیں جن سے ہزاروں نوجوان مستفید ہوں گے۔ انہوں نے مزید کہا کہ ملک میں سرمایہ کاری کے فروغ کے لیے سازگار ماحول فراہم کیا جا رہا ہے۔ اس موقع پر تقریب سے خطاب کرتے ہوئے مقررین نے کہا کہ قوم کو متحد ہو کر ملک کی ترقی کے لیے کردار ادا کرنا ہوگا۔ پولیس حکام کے مطابق شہر میں امن و امان کی صورتحال کو برقرار رکھنے کے لیے سخت حفاظتی انتظامات کیے گئے ہیں اور جرائم پیشہ عناصر کے خلاف کارروائیاں جاری ہیں۔
31
بقیہ
اعزازات
حکومت پنجاب کی جانب سے صوبے بھر میں ترقیاتی منصوبوں پر کام تیزی سے جاری ہے اور اس سلسلے میں وزیر اعلیٰ نے متعلقہ محکموں کو ہدایات جاری کی ہیں کہ تمام منصوبے مقررہ مدت میں مکمل کیے جائیں۔ انہوں نے کہا کہ عوام کی فلاح و بہبود
32
بقیہ
خط
حکومت پنجاب کی جانب سے صوبے بھر میں ترقیاتی منصوبوں پر کام تیزی سے جاری ہے اور اس سلسلے میں وزیر اعلیٰ نے متعلقہ محکموں کو ہدایات جاری کی ہیں کہ تمام منصوبے مقررہ مدت میں مکمل کیے جائیں۔ انہوں نے کہا کہ عوام کی فلاح و بہبود حکومت کی اولین ترجیح ہے اور اس مقصد کے لیے تمام وسائل بروئے کار لائے جائیں گے۔ اجلاس میں صوبائی وزراء، سیکرٹریز اور دیگر اعلیٰ حکام نے شرکت کی اور مختلف امور پر تفصیلی تبادلہ خیال کیا گیا۔ پاکستان کی معیشت کو مستحکم کرنے کے لیے حکومت نے متعدد اقدامات کیے ہیں جن کے مثبت نتائج سامنے آ رہے ہیں۔ وفاقی وزیر نے کہا کہ نوجوانوں کو ہنر مند بنانے کے لیے نیوٹیک کے ذریعے تربیتی پروگرام شروع کیے گئے ہیں جن سے ہزاروں نوجوان مستفید ہوں گے۔ انہوں نے مزید کہا کہ ملک میں سرمایہ کاری کے فروغ کے لیے سازگار ماحول فراہم کیا جا رہا ہے۔ اس موقع پر تقریب سے خطاب کرتے ہوئے مقررین نے کہا کہ قوم کو متحد ہو کر ملک کی ترقی کے لیے کردار ادا کرنا ہوگا۔
33
بقیہ
عید پاکستان
حکومت پنجاب کی جانب سے صوبے بھر میں ترقیاتی منصوبوں پر کام تیزی سے جاری ہے اور اس سلسلے میں وزیر اعلیٰ نے متعلقہ محکموں کو ہدایات جاری کی ہیں کہ تمام منصوبے مقررہ مدت میں مکمل کیے جائیں۔ انہوں نے کہا کہ عوام کی فلاح و بہبود حکومت کی اولین ترجیح ہے اور اس مقصد کے لیے تمام وسائل بروئے کار لائے جائیں گے۔ اجلاس میں صوبائی وزراء، سیکرٹریز اور دیگر اعلیٰ حکام نے شرکت کی اور مختلف امور پر تفصیلی تبادلہ خیال کیا گیا۔ پاکستان کی معیشت کو مستحکم کرنے کے لیے حکومت نے متعدد اقدامات کیے ہیں جن کے مثبت نتائج سامنے آ رہے ہیں۔ وفاقی وزیر نے کہا کہ نوجوانوں کو ہنر مند بنانے کے لیے نیوٹیک کے ذریعے تربیتی پروگرام شروع کیے گئے ہیں جن سے ہزاروں نوجوان مستفید ہوں گے۔ انہوں نے مزید کہا کہ ملک میں سرمایہ کاری کے فروغ کے لیے سازگار ماحول فراہم کیا جا رہا ہے۔ اس موقع پر تقریب سے خطاب کرتے
34
بقیہ
مریم نواز
حکومت پنجاب کی جانب سے صوبے بھر میں ترقیاتی منصوبوں پر کام تیزی سے جاری ہے اور اس سلسلے میں وزیر اعلیٰ نے متعلقہ محکموں کو ہدایات جاری کی ہیں کہ تمام منصوبے مقررہ مدت میں مکمل کیے جائیں۔ انہوں نے کہا کہ عوام کی فلاح و بہبود حکومت کی اولین ترجیح ہے اور اس مقصد کے لیے تمام وسائل بروئے کار لائے جائیں گے۔ اجلاس میں صوبائی وزراء، سیکرٹریز اور دیگر اعلیٰ حکام نے شرکت کی اور مختلف امور پر تفصیلی تبادلہ خیال کیا گیا۔ پاکستان کی معیشت کو مستحکم کرنے کے لیے حکومت نے متعدد اقدامات کیے ہیں جن کے مثبت نتائج سامنے آ رہے ہیں۔ وفاقی وزیر نے کہا کہ نوجوانوں کو ہنر مند بنانے کے لیے نیوٹیک کے ذریعے تربیتی پروگرام شروع کیے گئے ہیں جن سے ہزاروں نوجوان مستفید ہوں گے۔ انہوں نے مزید کہا کہ ملک میں سرمایہ کاری کے فروغ کے لیے سازگار ماحول فراہم کیا جا رہا ہے۔ اس موقع پر تقریب سے خطاب کرتے ہوئے مقررین نے کہا کہ قوم کو متحد ہو کر ملک کی ترقی کے لیے کردار ادا کرنا ہوگا۔
35
بقیہ
پنجاب پولیس
حکومت پنجاب کی جانب سے صوبے بھر میں ترقیاتی منصوبوں پر کام تیزی سے جاری ہے اور اس سلسلے میں وزیر اعلیٰ نے متعلقہ محکموں کو ہدایات جاری کی ہیں کہ تمام منصوبے مقررہ مدت میں مکمل کیے جائیں۔ انہوں نے کہا کہ عوام کی فلاح و بہبود
حکومت پنجاب کی جانب سے صوبے بھر میں ترقیاتی منصوبوں پر کام تیزی سے جاری ہے اور اس سلسلے میں وزیر اعلیٰ نے متعلقہ محکموں کو ہدایات جاری کی ہیں کہ تمام منصوبے مقررہ مدت میں مکمل کیے جائیں۔ انہوں نے کہا کہ عوام کی فلاح و بہبود حکومت کی اولین ترجیح ہے اور اس مقصد کے لیے تمام وسائل بروئے کار لائے جائیں گے۔ اجلاس میں صوبائی وزراء، سیکرٹریز اور دیگر اعلیٰ حکام نے شرکت کی اور مختلف امور پر تفصیلی تبادلہ خیال کیا گیا۔ پاکستان کی معیشت کو مستحکم کرنے کے لیے حکومت نے متعدد اقدامات کیے ہیں جن کے مثبت نتائج سامنے آ رہے ہیں۔ وفاقی وزیر نے کہا کہ
36
بقیہ
کمشنر
حکومت پنجاب کی جانب سے صوبے بھر میں ترقیاتی منصوبوں پر کام تیزی سے جاری ہے اور اس سلسلے میں وزیر اعلیٰ نے متعلقہ محکموں کو ہدایات جاری کی ہیں کہ تمام منصوبے مقررہ مدت میں مکمل کیے جائیں۔ انہوں نے کہا کہ عوام کی فلاح و بہبود حکومت کی اولین ترجیح ہے اور اس مقصد کے لیے تمام وسائل بروئے کار لائے جائیں گے۔ اجلاس میں صوبائی وزراء، سیکرٹریز اور دیگر اعلیٰ حکام نے شرکت کی اور مختلف امور پر تفصیلی تبادلہ خیال کیا گیا۔ پاکستان کی معیشت کو مستحکم کرنے کے لیے حکومت نے متعدد اقدامات کیے ہیں جن کے مثبت نتائج سامنے آ رہے ہیں۔ وفاقی وزیر نے کہا کہ نوجوانوں کو ہنر مند بنانے کے لیے نیوٹیک کے ذریعے تربیتی پروگرام شروع کیے گئے ہیں جن سے ہزاروں نوجوان مستفید ہوں گے۔ انہوں نے مزید کہا کہ ملک میں سرمایہ کاری کے
37
بقیہ
حکومت پنجاب کی جانب سے صوبے بھر میں ترقیاتی منصوبوں پر کام تیزی سے جاری ہے اور اس سلسلے میں وزیر اعلیٰ نے متعلقہ محکموں کو ہدایات جاری کی ہیں کہ تمام منصوبے مقررہ مدت میں مکمل کیے جائیں۔ انہوں نے کہا کہ عوام کی فلاح و بہبود حکومت کی اولین ترجیح ہے اور اس مقصد کے لیے تمام وسائل بروئے کار لائے جائیں گے۔ اجلاس میں صوبائی وزراء، سیکرٹریز اور دیگر اعلیٰ حکام نے شرکت کی اور مختلف امور پر تفصیلی تبادلہ خیال کیا گیا۔ پاکستان کی معیشت کو مستحکم کرنے کے لیے حکومت نے
38
بقیہ
امریکی سینیٹر
حکومت پنجاب کی جانب سے صوبے بھر میں ترقیاتی منصوبوں پر کام تیزی سے جاری ہے اور اس سلسلے میں وزیر اعلیٰ نے متعلقہ محکموں کو ہدایات جاری کی ہیں کہ تمام منصوبے مقررہ مدت میں مکمل کیے جائیں۔ انہوں نے کہا کہ عوام کی فلاح و بہبود حکومت کی اولین ترجیح ہے اور اس مقصد کے لیے تمام وسائل بروئے کار لائے جائیں گے۔ اجلاس میں صوبائی وزراء، سیکرٹریز اور دیگر اعلیٰ حکام نے شرکت کی اور مختلف امور پر تفصیلی تبادلہ خیال کیا گیا۔ پاکستان کی معیشت کو مستحکم کرنے کے لیے حکومت نے متعدد اقدامات کیے ہیں جن کے مثبت نتائج سامنے آ رہے ہیں۔ وفاقی وزیر نے کہا کہ
39
حکومت پنجاب کی جانب سے صوبے بھر میں ترقیاتی منصوبوں پر کام تیزی سے جاری ہے اور اس سلسلے میں وزیر اعلیٰ نے متعلقہ محکموں کو ہدایات جاری کی ہیں کہ تمام منصوبے مقررہ مدت میں مکمل کیے جائیں۔ انہوں نے کہا کہ عوام کی فلاح و بہبود حکومت کی اولین ترجیح ہے اور اس مقصد کے لیے تمام وسائل بروئے کار لائے جائیں گے۔ اجلاس میں صوبائی وزراء، سیکرٹریز اور دیگر اعلیٰ حکام نے شرکت کی اور مختلف امور پر تفصیلی تبادلہ خیال کیا گیا۔ پاکستان کی معیشت کو مستحکم کرنے کے لیے حکومت نے متعدد اقدامات کیے ہیں جن کے مثبت نتائج سامنے آ رہے ہیں۔ وفاقی وزیر نے کہا کہ
40
بقیہ
احسن اقبال
حکومت پنجاب کی جانب سے صوبے بھر میں ترقیاتی منصوبوں پر کام تیزی سے جاری ہے اور اس سلسلے میں وزیر اعلیٰ نے متعلقہ محکموں کو ہدایات جاری کی ہیں کہ تمام منصوبے مقررہ مدت میں مکمل کیے جائیں۔ انہوں نے کہا کہ عوام کی فلاح و بہبود حکومت کی اولین ترجیح ہے اور اس مقصد کے لیے تمام وسائل بروئے کار لائے جائیں گے۔ اجلاس میں صوبائی وزراء، سیکرٹریز اور دیگر اعلیٰ حکام نے شرکت کی اور مختلف امور پر تفصیلی تبادلہ خیال کیا گیا۔ پاکستان کی معیشت کو مستحکم کرنے کے لیے حکومت نے متعدد اقدامات کیے ہیں جن کے مثبت نتائج سامنے آ رہے ہیں۔ وفاقی وزیر نے کہا کہ نوجوانوں کو ہنر مند بنانے کے لیے نیوٹیک کے ذریعے تربیتی پروگرام شروع کیے گئے ہیں جن سے ہزاروں نوجوان مستفید ہوں گے۔ انہوں نے مزید کہا کہ ملک میں سرمایہ کاری کے
41
بقیہ
رانا تنویر
حکومت پنجاب کی جانب سے صوبے بھر میں ترقیاتی منصوبوں پر کام تیزی سے جاری ہے اور اس سلسلے میں وزیر اعلیٰ نے متعلقہ محکموں کو ہدایات جاری کی ہیں کہ تمام منصوبے مقررہ مدت میں مکمل کیے جائیں۔ انہوں نے کہا کہ عوام کی فلاح و بہبود حکومت کی اولین ترجیح ہے اور اس مقصد کے لیے تمام وسائل بروئے کار لائے جائیں گے۔ اجلاس میں صوبائی وزراء، سیکرٹریز اور دیگر اعلیٰ حکام نے شرکت کی اور مختلف امور پر تفصیلی تبادلہ خیال کیا گیا۔ پاکستان کی معیشت کو مستحکم کرنے کے لیے حکومت نے
42
بقیہ
دھاکہ
حکومت پنجاب کی جانب سے صوبے بھر میں ترقیاتی منصوبوں پر کام تیزی سے جاری ہے اور اس سلسلے میں وزیر اعلیٰ نے متعلقہ محکموں کو ہدایات جاری کی ہیں کہ تمام منصوبے مقررہ مدت میں مکمل کیے جائیں۔ انہوں نے کہا کہ عوام کی فلاح و بہبود حکومت کی اولین ترجیح ہے اور اس مقصد کے لیے تمام وسائل بروئے کار لائے جائیں گے۔
43
بقیہ
مقدمہ درج
حکومت پنجاب کی جانب سے صوبے بھر میں ترقیاتی منصوبوں پر کام تیزی سے جاری ہے اور اس سلسلے میں وزیر اعلیٰ نے متعلقہ محکموں کو ہدایات جاری کی ہیں کہ تمام منصوبے مقررہ مدت میں مکمل کیے جائیں۔ انہوں نے کہا کہ عوام کی فلاح و بہبود
حکومت پنجاب کی جانب سے صوبے بھر میں ترقیاتی منصوبوں پر کام تیزی سے جاری ہے اور اس سلسلے میں وزیر اعلیٰ نے متعلقہ محکموں کو ہدایات جاری کی ہیں کہ تمام منصوبے مقررہ مدت میں مکمل کیے جائیں۔ انہوں نے کہا کہ عوام کی فلاح و بہبود
44
بقیہ
چوکیدار قتل
حکومت پنجاب کی جانب سے صوبے بھر میں ترقیاتی منصوبوں پر کام تیزی سے جاری ہے اور اس سلسلے میں وزیر اعلیٰ نے متعلقہ محکموں کو ہدایات جاری کی ہیں کہ تمام منصوبے مقررہ مدت میں مکمل کیے جائیں۔ انہوں نے کہا کہ عوام کی فلاح و بہبود حکومت کی اولین ترجیح ہے اور اس مقصد کے لیے تمام وسائل بروئے کار لائے جائیں گے۔
45
بقیہ
مسلح فائرنگ
حکومت پنجاب کی جانب سے صوبے بھر میں ترقیاتی منصوبوں پر کام تیزی سے جاری ہے اور اس سلسلے میں وزیر اعلیٰ نے متعلقہ محکموں کو ہدایات جاری کی ہیں کہ تمام منصوبے مقررہ مدت میں مکمل کیے جائیں۔ انہوں نے کہا کہ عوام کی فلاح و بہبود حکومت کی اولین ترجیح ہے اور اس مقصد کے لیے تمام وسائل بروئے کار لائے جائیں گے۔
46
بقیہ
مسرت چیمہ
حکومت پنجاب کی جانب سے صوبے بھر میں ترقیاتی منصوبوں پر کام تیزی سے جاری ہے اور اس سلسلے میں وزیر اعلیٰ نے متعلقہ محکموں کو ہدایات جاری کی ہیں کہ تمام منصوبے مقررہ مدت میں مکمل کیے جائیں۔ انہوں نے کہا کہ عوام کی فلاح و بہبود حکومت کی اولین ترجیح ہے اور اس مقصد کے لیے تمام وسائل بروئے کار لائے جائیں گے۔ اجلاس میں صوبائی وزراء، سیکرٹریز اور دیگر اعلیٰ حکام نے شرکت کی اور مختلف امور پر
47
بقیہ
حکومت پنجاب کی جانب سے صوبے بھر میں ترقیاتی منصوبوں پر کام تیزی سے جاری ہے اور اس سلسلے میں وزیر اعلیٰ نے متعلقہ محکموں کو ہدایات جاری کی ہیں کہ تمام منصوبے مقررہ مدت میں مکمل کیے جائیں۔ انہوں نے کہا کہ عوام کی فلاح و بہبود حکومت کی اولین ترجیح ہے اور اس مقصد کے لیے تمام وسائل بروئے کار لائے جائیں گے۔
48
بقیہ
سہیم چیمہ
حکومت پنجاب کی جانب سے صوبے بھر میں ترقیاتی منصوبوں پر کام تیزی سے جاری ہے اور اس سلسلے میں وزیر اعلیٰ نے متعلقہ محکموں کو ہدایات جاری کی ہیں کہ تمام منصوبے مقررہ مدت میں مکمل کیے جائیں۔ انہوں نے کہا کہ عوام کی فلاح و بہبود حکومت کی اولین ترجیح ہے اور اس مقصد کے لیے تمام وسائل بروئے کار لائے جائیں گے۔ اجلاس میں صوبائی وزراء، سیکرٹریز اور دیگر اعلیٰ حکام نے شرکت کی اور مختلف امور پر تفصیلی تبادلہ خیال کیا گیا۔ پاکستان کی معیشت کو مستحکم کرنے کے لیے حکومت نے متعدد اقدامات کیے ہیں جن کے مثبت نتائج سامنے آ رہے ہیں۔ وفاقی وزیر نے کہا کہ
49
بقیہ
راہنما شہباز
حکومت پنجاب کی جانب سے صوبے بھر میں ترقیاتی منصوبوں پر کام تیزی سے جاری ہے اور اس سلسلے میں وزیر اعلیٰ نے متعلقہ محکموں کو ہدایات جاری کی ہیں کہ تمام منصوبے مقررہ مدت میں مکمل کیے جائیں۔ انہوں نے کہا کہ عوام کی فلاح و بہبود حکومت کی اولین ترجیح ہے اور اس مقصد کے لیے تمام وسائل بروئے کار لائے جائیں گے۔ اجلاس میں صوبائی وزراء، سیکرٹریز اور دیگر اعلیٰ حکام نے شرکت کی اور مختلف امور پر تفصیلی تبادلہ خیال کیا گیا۔ پاکستان کی معیشت کو مستحکم کرنے کے لیے حکومت نے متعدد اقدامات کیے ہیں جن کے مثبت نتائج سامنے آ رہے ہیں۔ وفاقی وزیر نے کہا کہ
50
حکومت پنجاب کی جانب سے صوبے بھر میں ترقیاتی منصوبوں پر کام تیزی سے جاری ہے اور اس سلسلے میں وزیر اعلیٰ نے متعلقہ محکموں کو ہدایات جاری کی ہیں کہ تمام منصوبے مقررہ مدت میں مکمل کیے جائیں۔ انہوں نے کہا کہ عوام کی فلاح و بہبود حکومت کی اولین ترجیح ہے اور اس مقصد کے لیے تمام وسائل بروئے کار لائے جائیں گے۔ اجلاس میں صوبائی وزراء، سیکرٹریز اور دیگر اعلیٰ حکام نے شرکت کی اور مختلف امور پر تفصیلی تبادلہ خیال کیا گیا۔ پاکستان کی معیشت کو مستحکم کرنے کے لیے حکومت نے
51
بقیہ
بیئرر ایبل
حکومت پنجاب کی جانب سے صوبے بھر میں ترقیاتی منصوبوں پر کام تیزی سے جاری ہے اور اس سلسلے میں وزیر اعلیٰ نے متعلقہ محکموں کو ہدایات جاری کی ہیں کہ تمام منصوبے مقررہ مدت میں مکمل کیے جائیں۔ انہوں نے کہا کہ عوام کی فلاح و بہبود حکومت کی اولین ترجیح ہے اور اس مقصد کے لیے تمام وسائل بروئے کار لائے جائیں گے۔ اجلاس میں صوبائی وزراء، سیکرٹریز اور دیگر اعلیٰ حکام نے شرکت کی اور مختلف امور پر تفصیلی تبادلہ خیال کیا گیا۔ پاکستان کی معیشت کو مستحکم کرنے کے لیے حکومت نے
52
بقیہ
ڈاکو ہلاک
حکومت پنجاب کی جانب سے صوبے بھر میں ترقیاتی منصوبوں پر کام تیزی سے جاری ہے اور اس سلسلے میں وزیر اعلیٰ نے متعلقہ محکموں کو ہدایات جاری کی ہیں کہ تمام منصوبے مقررہ مدت میں مکمل کیے جائیں۔ انہوں نے کہا کہ عوام کی فلاح و بہبود حکومت کی اولین ترجیح ہے اور اس مقصد کے لیے تمام وسائل بروئے کار لائے جائیں گے۔ اجلاس میں صوبائی وزراء، سیکرٹریز اور دیگر اعلیٰ حکام نے شرکت کی اور مختلف امور پر تفصیلی تبادلہ خیال کیا گیا۔ پاکستان کی معیشت کو مستحکم کرنے کے لیے حکومت نے متعدد اقدامات کیے ہیں جن کے مثبت نتائج سامنے آ رہے ہیں۔ وفاقی وزیر نے کہا کہ نوجوانوں کو ہنر مند بنانے کے لیے نیوٹیک کے ذریعے تربیتی پروگرام شروع کیے گئے ہیں جن سے ہزاروں نوجوان مستفید ہوں گے۔ انہوں نے مزید کہا کہ ملک میں سرمایہ کاری کے فروغ کے لیے سازگار ماحول فراہم کیا جا رہا ہے۔ اس موقع پر تقریب سے خطاب کرتے ہوئے مقررین نے کہا کہ قوم کو متحد ہو کر ملک کی ترقی کے لیے کردار ادا کرنا ہوگا۔
53
حکومت پنجاب کی جانب سے صوبے بھر میں ترقیاتی منصوبوں پر کام تیزی سے جاری ہے اور اس سلسلے میں وزیر اعلیٰ نے متعلقہ محکموں کو ہدایات جاری کی ہیں کہ تمام منصوبے مقررہ مدت میں مکمل کیے جائیں۔ انہوں نے کہا کہ عوام کی فلاح و بہبود
